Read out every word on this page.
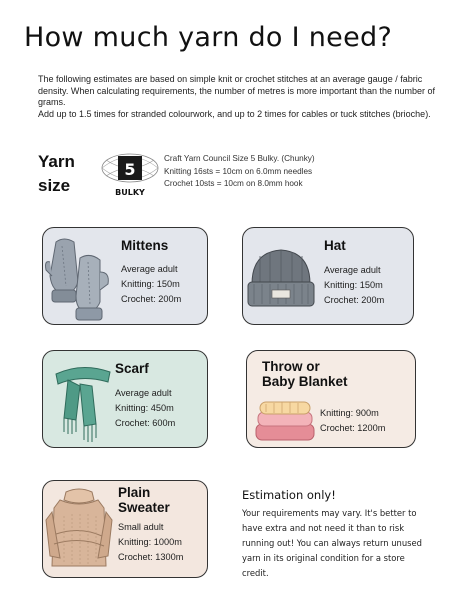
How much yarn do I need?

The following estimates are based on simple knit or crochet stitches at an average gauge / fabric density. When calculating requirements, the number of metres is more important than the number of grams.

Add up to 1.5 times for stranded colourwork, and up to 2 times for cables or tuck stitches (brioche).

Yarn
size
5
BULKY
Craft Yarn Council Size 5 Bulky. (Chunky)
Knitting 16sts = 10cm on 6.0mm needles
Crochet 10sts = 10cm on 8.0mm hook
Mittens
Average adult
Knitting: 150m
Crochet: 200m
Hat
Average adult
Knitting: 150m
Crochet: 200m
Scarf
Average adult
Knitting: 450m
Crochet: 600m
Throw or
Baby Blanket
Knitting: 900m
Crochet: 1200m
Plain
Sweater
Small adult
Knitting: 1000m
Crochet: 1300m
Estimation only!
Your requirements may vary. It's better to have extra and not need it than to risk running out! You can always return unused yarn in its original condition for a store credit.
